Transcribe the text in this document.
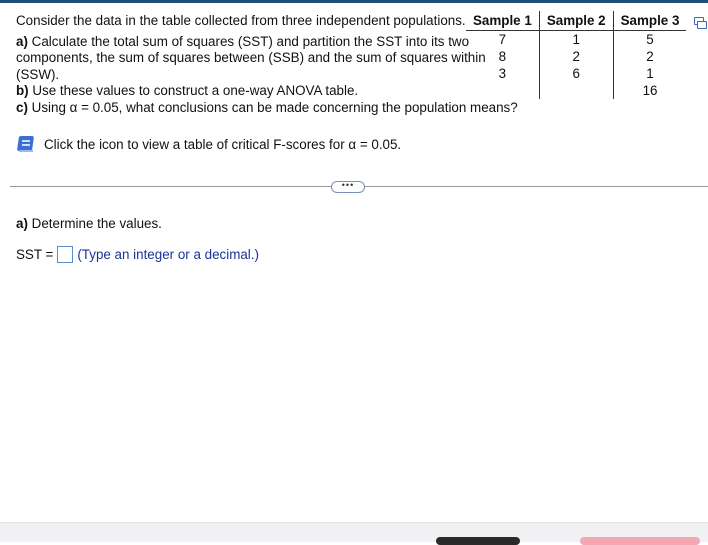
Consider the data in the table collected from three independent populations.

a) Calculate the total sum of squares (SST) and partition the SST into its two components, the sum of squares between (SSB) and the sum of squares within (SSW).

b) Use these values to construct a one-way ANOVA table.

c) Using α = 0.05, what conclusions can be made concerning the population means?

Click the icon to view a table of critical F-scores for α = 0.05.
Sample 1	Sample 2	Sample 3
7	1	5
8	2	2
3	6	1
		16
•••
a) Determine the values.
SST = (Type an integer or a decimal.)
